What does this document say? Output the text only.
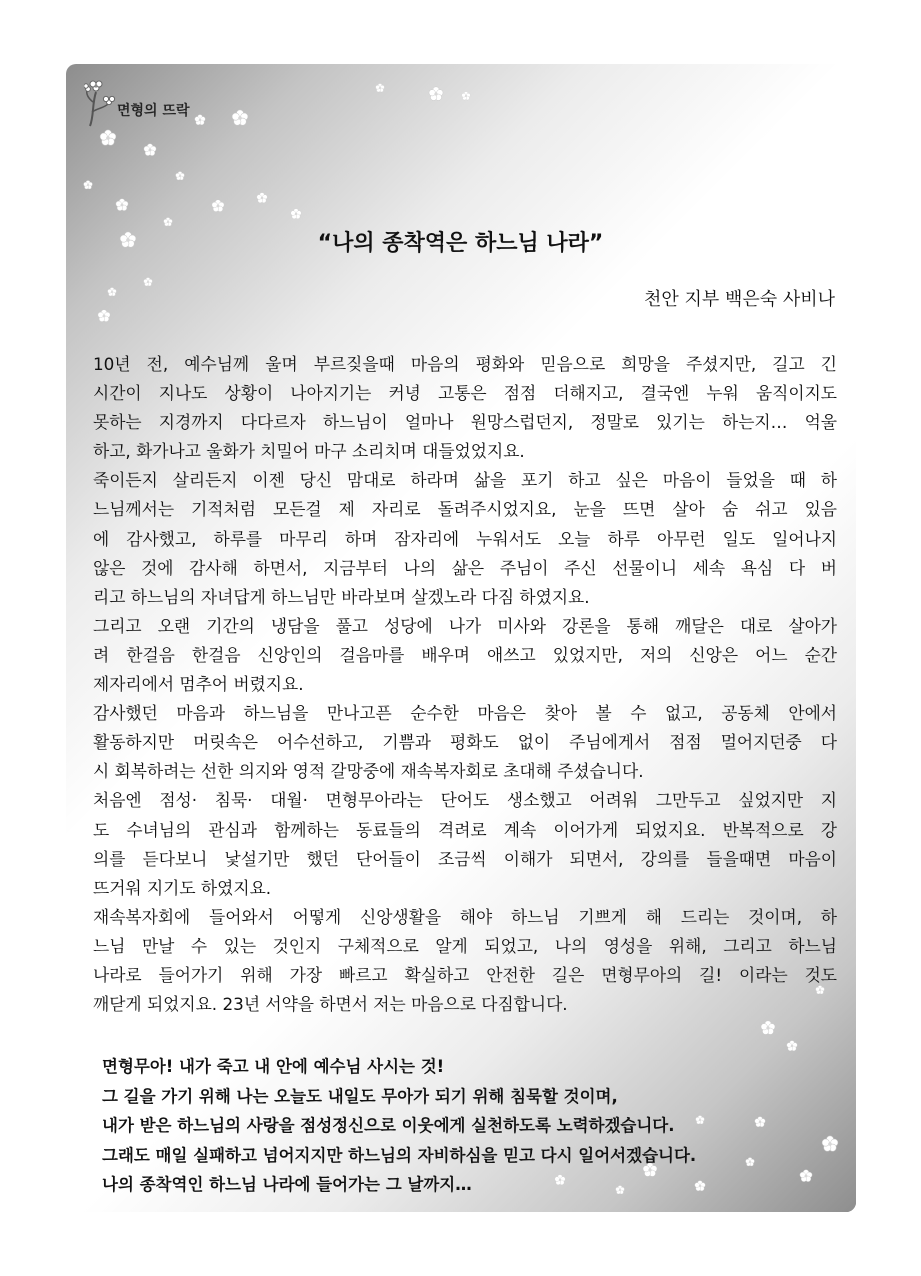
면형의 뜨락
“나의 종착역은 하느님 나라”
천안 지부 백은숙 사비나

10년 전, 예수님께 울며 부르짖을때 마음의 평화와 믿음으로 희망을 주셨지만, 길고 긴

시간이 지나도 상황이 나아지기는 커녕 고통은 점점 더해지고, 결국엔 누워 움직이지도

못하는 지경까지 다다르자 하느님이 얼마나 원망스럽던지, 정말로 있기는 하는지… 억울

하고, 화가나고 울화가 치밀어 마구 소리치며 대들었었지요.

죽이든지 살리든지 이젠 당신 맘대로 하라며 삶을 포기 하고 싶은 마음이 들었을 때 하

느님께서는 기적처럼 모든걸 제 자리로 돌려주시었지요, 눈을 뜨면 살아 숨 쉬고 있음

에 감사했고, 하루를 마무리 하며 잠자리에 누워서도 오늘 하루 아무런 일도 일어나지

않은 것에 감사해 하면서, 지금부터 나의 삶은 주님이 주신 선물이니 세속 욕심 다 버

리고 하느님의 자녀답게 하느님만 바라보며 살겠노라 다짐 하였지요.

그리고 오랜 기간의 냉담을 풀고 성당에 나가 미사와 강론을 통해 깨달은 대로 살아가

려 한걸음 한걸음 신앙인의 걸음마를 배우며 애쓰고 있었지만, 저의 신앙은 어느 순간

제자리에서 멈추어 버렸지요.

감사했던 마음과 하느님을 만나고픈 순수한 마음은 찾아 볼 수 없고, 공동체 안에서

활동하지만 머릿속은 어수선하고, 기쁨과 평화도 없이 주님에게서 점점 멀어지던중 다

시 회복하려는 선한 의지와 영적 갈망중에 재속복자회로 초대해 주셨습니다.

처음엔 점성· 침묵· 대월· 면형무아라는 단어도 생소했고 어려워 그만두고 싶었지만 지

도 수녀님의 관심과 함께하는 동료들의 격려로 계속 이어가게 되었지요. 반복적으로 강

의를 듣다보니 낯설기만 했던 단어들이 조금씩 이해가 되면서, 강의를 들을때면 마음이

뜨거워 지기도 하였지요.

재속복자회에 들어와서 어떻게 신앙생활을 해야 하느님 기쁘게 해 드리는 것이며, 하

느님 만날 수 있는 것인지 구체적으로 알게 되었고, 나의 영성을 위해, 그리고 하느님

나라로 들어가기 위해 가장 빠르고 확실하고 안전한 길은 면형무아의 길! 이라는 것도

깨닫게 되었지요. 23년 서약을 하면서 저는 마음으로 다짐합니다.

면형무아! 내가 죽고 내 안에 예수님 사시는 것!

그 길을 가기 위해 나는 오늘도 내일도 무아가 되기 위해 침묵할 것이며,

내가 받은 하느님의 사랑을 점성정신으로 이웃에게 실천하도록 노력하겠습니다.

그래도 매일 실패하고 넘어지지만 하느님의 자비하심을 믿고 다시 일어서겠습니다.

나의 종착역인 하느님 나라에 들어가는 그 날까지…
